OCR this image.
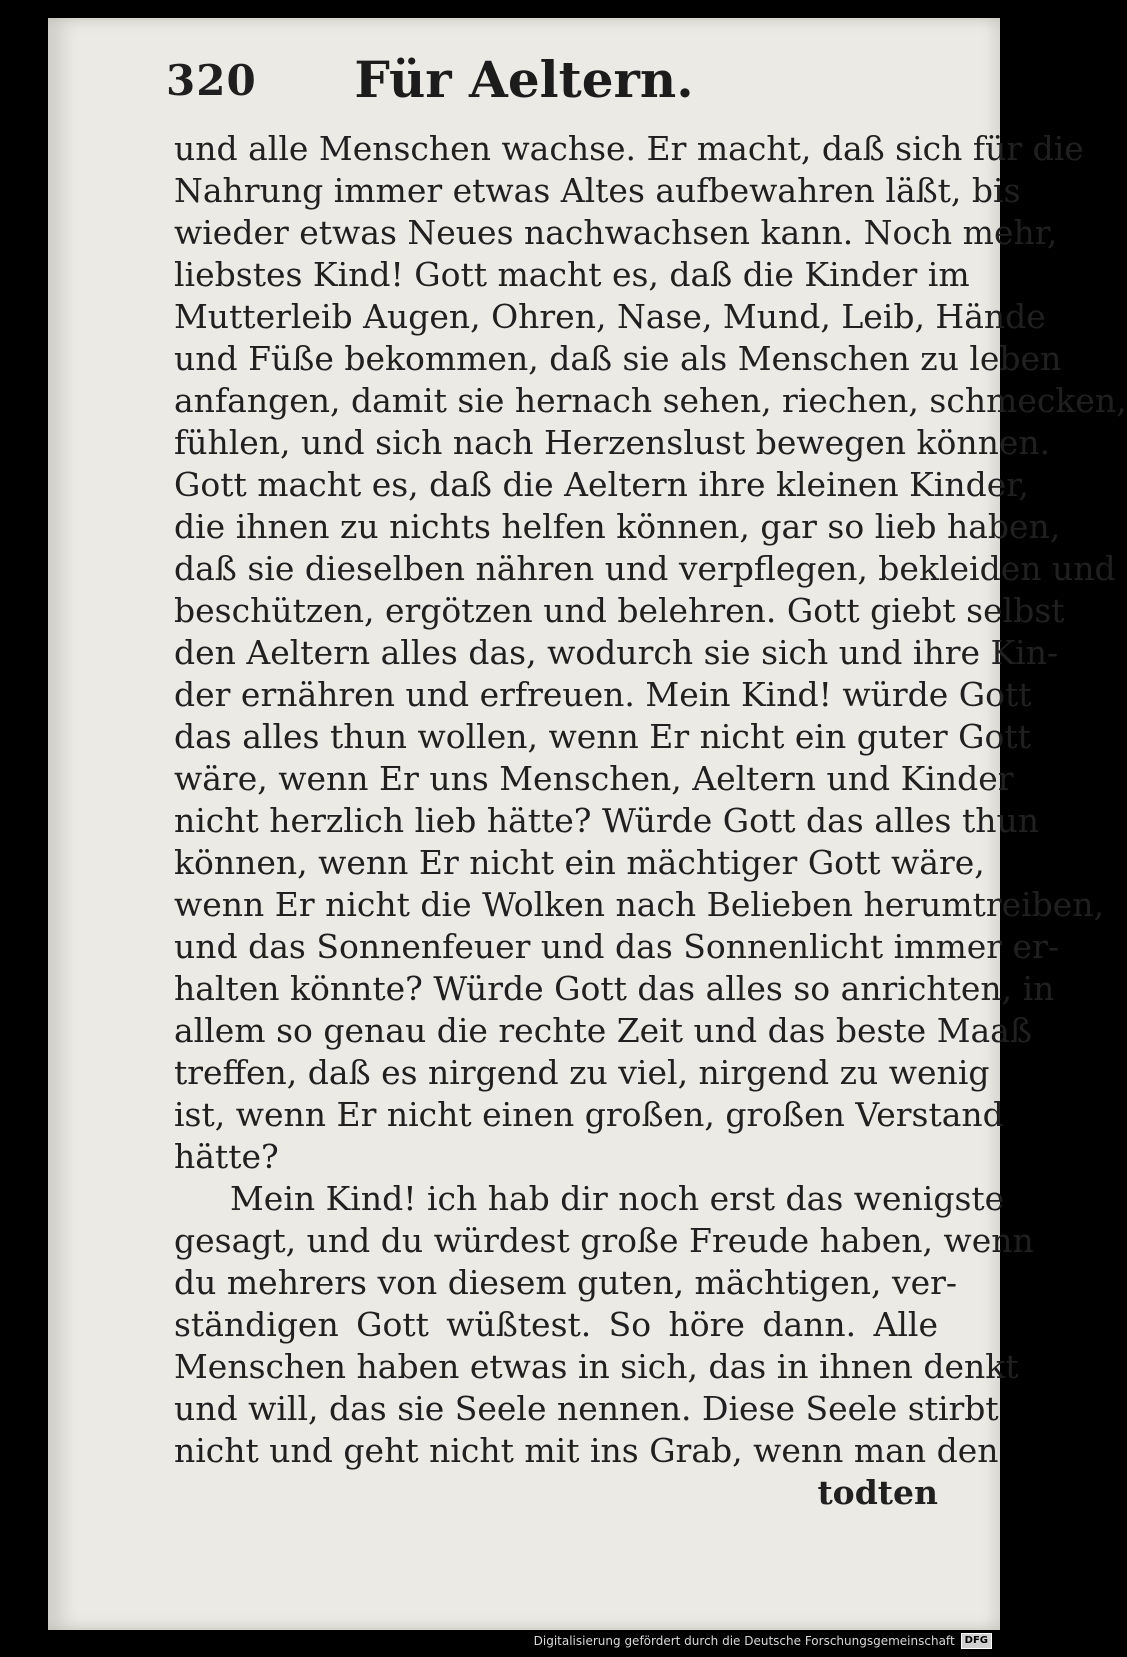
320	Für Aeltern.
und alle Menschen wachse. Er macht, daß sich für die
Nahrung immer etwas Altes aufbewahren läßt, bis
wieder etwas Neues nachwachsen kann. Noch mehr,
liebstes Kind! Gott macht es, daß die Kinder im
Mutterleib Augen, Ohren, Nase, Mund, Leib, Hände
und Füße bekommen, daß sie als Menschen zu leben
anfangen, damit sie hernach sehen, riechen, schmecken,
fühlen, und sich nach Herzenslust bewegen können.
Gott macht es, daß die Aeltern ihre kleinen Kinder,
die ihnen zu nichts helfen können, gar so lieb haben,
daß sie dieselben nähren und verpflegen, bekleiden und
beschützen, ergötzen und belehren. Gott giebt selbst
den Aeltern alles das, wodurch sie sich und ihre Kin-
der ernähren und erfreuen. Mein Kind! würde Gott
das alles thun wollen, wenn Er nicht ein guter Gott
wäre, wenn Er uns Menschen, Aeltern und Kinder
nicht herzlich lieb hätte? Würde Gott das alles thun
können, wenn Er nicht ein mächtiger Gott wäre,
wenn Er nicht die Wolken nach Belieben herumtreiben,
und das Sonnenfeuer und das Sonnenlicht immer er-
halten könnte? Würde Gott das alles so anrichten, in
allem so genau die rechte Zeit und das beste Maaß
treffen, daß es nirgend zu viel, nirgend zu wenig
ist, wenn Er nicht einen großen, großen Verstand
hätte?
Mein Kind! ich hab dir noch erst das wenigste
gesagt, und du würdest große Freude haben, wenn
du mehrers von diesem guten, mächtigen, ver-
ständigen Gott wüßtest. So höre dann. Alle
Menschen haben etwas in sich, das in ihnen denkt
und will, das sie Seele nennen. Diese Seele stirbt
nicht und geht nicht mit ins Grab, wenn man den
todten
Digitalisierung gefördert durch die Deutsche Forschungsgemeinschaft	DFG
